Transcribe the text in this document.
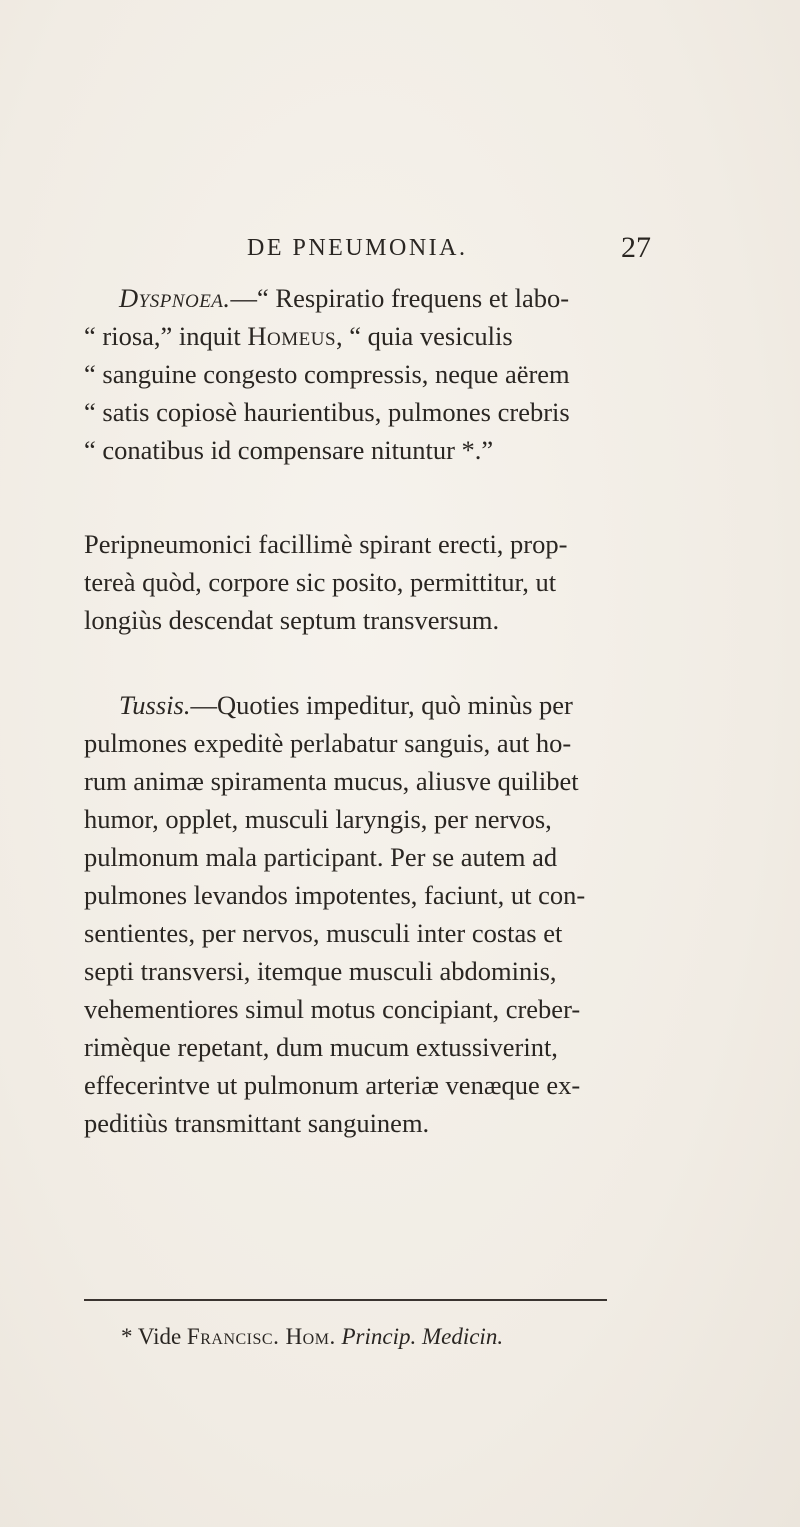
DE PNEUMONIA.	27
Dyspnoea.—“ Respiratio frequens et labo-
“ riosa,” inquit Homeus, “ quia vesiculis
“ sanguine congesto compressis, neque aërem
“ satis copiosè haurientibus, pulmones crebris
“ conatibus id compensare nituntur *.”
Peripneumonici facillimè spirant erecti, prop-
tereà quòd, corpore sic posito, permittitur, ut
longiùs descendat septum transversum.
Tussis.—Quoties impeditur, quò minùs per
pulmones expeditè perlabatur sanguis, aut ho-
rum animæ spiramenta mucus, aliusve quilibet
humor, opplet, musculi laryngis, per nervos,
pulmonum mala participant. Per se autem ad
pulmones levandos impotentes, faciunt, ut con-
sentientes, per nervos, musculi inter costas et
septi transversi, itemque musculi abdominis,
vehementiores simul motus concipiant, creber-
rimèque repetant, dum mucum extussiverint,
effecerintve ut pulmonum arteriæ venæque ex-
peditiùs transmittant sanguinem.
* Vide Francisc. Hom. Princip. Medicin.
